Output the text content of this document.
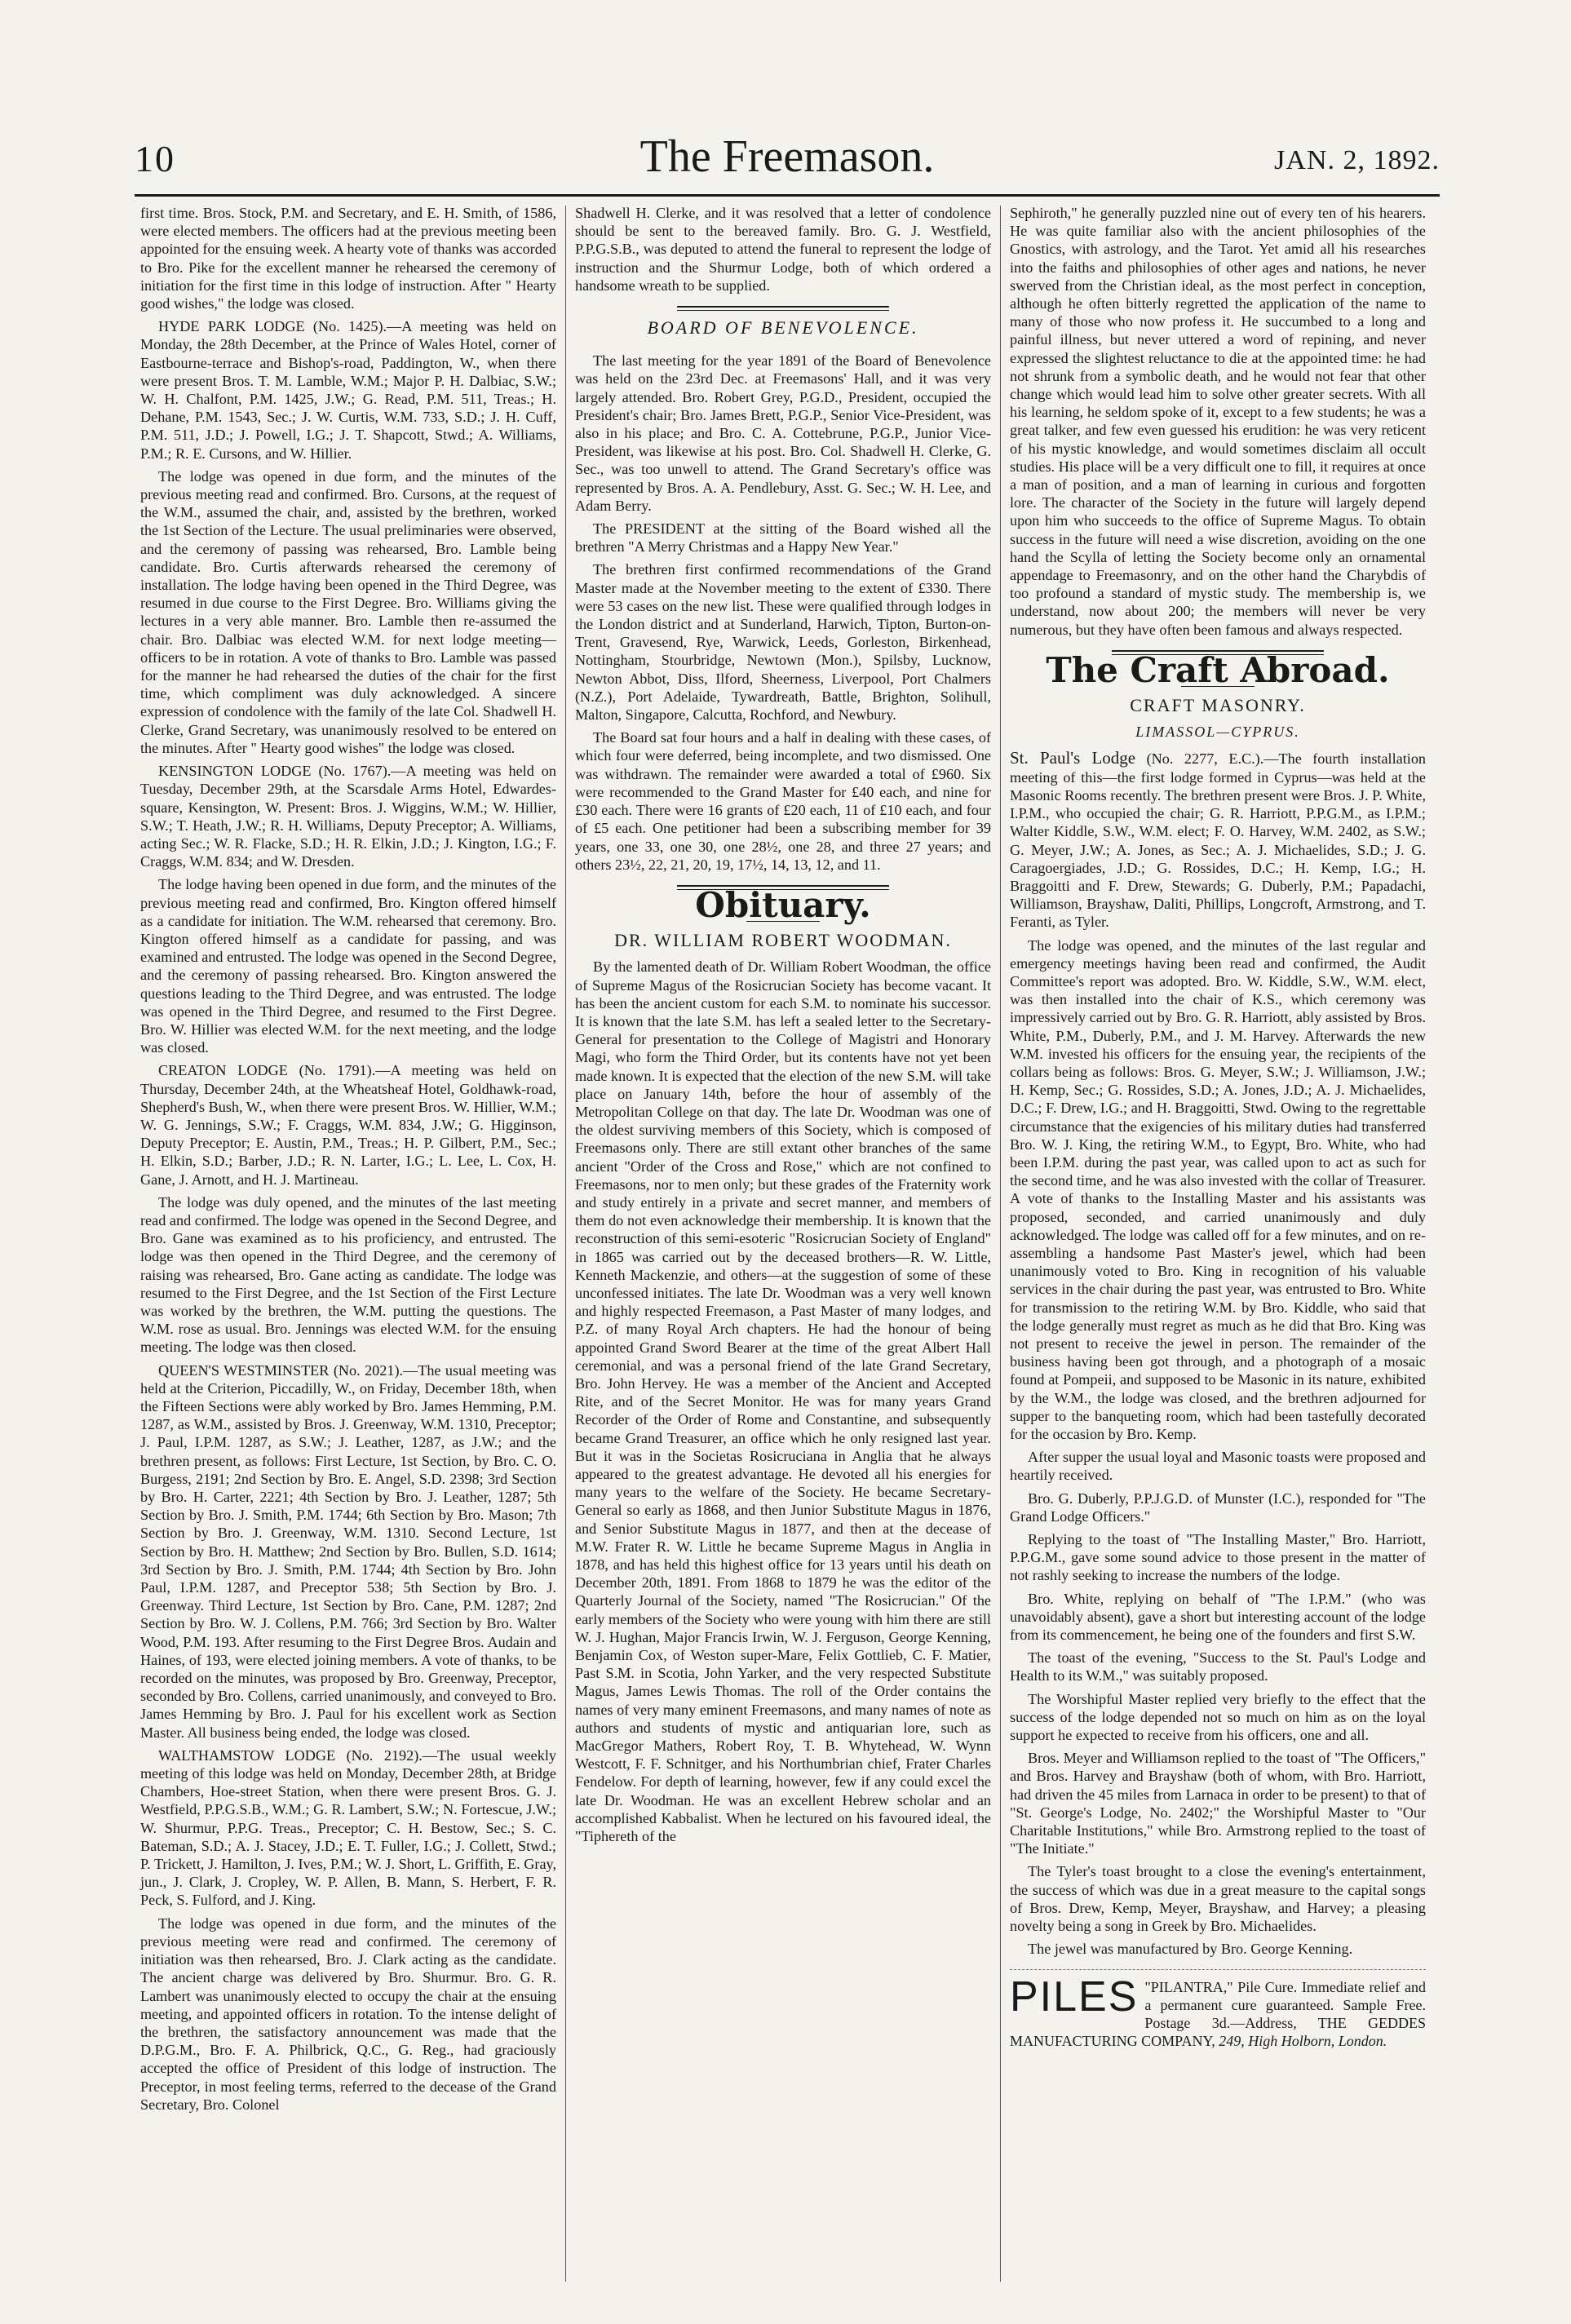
10	The Freemason.	JAN. 2, 1892.

first time. Bros. Stock, P.M. and Secretary, and E. H. Smith, of 1586, were elected members. The officers had at the previous meeting been appointed for the ensuing week. A hearty vote of thanks was accorded to Bro. Pike for the excellent manner he rehearsed the ceremony of initiation for the first time in this lodge of instruction. After " Hearty good wishes," the lodge was closed.

HYDE PARK LODGE (No. 1425).—A meeting was held on Monday, the 28th December, at the Prince of Wales Hotel, corner of Eastbourne-terrace and Bishop's-road, Paddington, W., when there were present Bros. T. M. Lamble, W.M.; Major P. H. Dalbiac, S.W.; W. H. Chalfont, P.M. 1425, J.W.; G. Read, P.M. 511, Treas.; H. Dehane, P.M. 1543, Sec.; J. W. Curtis, W.M. 733, S.D.; J. H. Cuff, P.M. 511, J.D.; J. Powell, I.G.; J. T. Shapcott, Stwd.; A. Williams, P.M.; R. E. Cursons, and W. Hillier.

The lodge was opened in due form, and the minutes of the previous meeting read and confirmed. Bro. Cursons, at the request of the W.M., assumed the chair, and, assisted by the brethren, worked the 1st Section of the Lecture. The usual preliminaries were observed, and the ceremony of passing was rehearsed, Bro. Lamble being candidate. Bro. Curtis afterwards rehearsed the ceremony of installation. The lodge having been opened in the Third Degree, was resumed in due course to the First Degree. Bro. Williams giving the lectures in a very able manner. Bro. Lamble then re-assumed the chair. Bro. Dalbiac was elected W.M. for next lodge meeting—officers to be in rotation. A vote of thanks to Bro. Lamble was passed for the manner he had rehearsed the duties of the chair for the first time, which compliment was duly acknowledged. A sincere expression of condolence with the family of the late Col. Shadwell H. Clerke, Grand Secretary, was unanimously resolved to be entered on the minutes. After " Hearty good wishes" the lodge was closed.

KENSINGTON LODGE (No. 1767).—A meeting was held on Tuesday, December 29th, at the Scarsdale Arms Hotel, Edwardes-square, Kensington, W. Present: Bros. J. Wiggins, W.M.; W. Hillier, S.W.; T. Heath, J.W.; R. H. Williams, Deputy Preceptor; A. Williams, acting Sec.; W. R. Flacke, S.D.; H. R. Elkin, J.D.; J. Kington, I.G.; F. Craggs, W.M. 834; and W. Dresden.

The lodge having been opened in due form, and the minutes of the previous meeting read and confirmed, Bro. Kington offered himself as a candidate for initiation. The W.M. rehearsed that ceremony. Bro. Kington offered himself as a candidate for passing, and was examined and entrusted. The lodge was opened in the Second Degree, and the ceremony of passing rehearsed. Bro. Kington answered the questions leading to the Third Degree, and was entrusted. The lodge was opened in the Third Degree, and resumed to the First Degree. Bro. W. Hillier was elected W.M. for the next meeting, and the lodge was closed.

CREATON LODGE (No. 1791).—A meeting was held on Thursday, December 24th, at the Wheatsheaf Hotel, Goldhawk-road, Shepherd's Bush, W., when there were present Bros. W. Hillier, W.M.; W. G. Jennings, S.W.; F. Craggs, W.M. 834, J.W.; G. Higginson, Deputy Preceptor; E. Austin, P.M., Treas.; H. P. Gilbert, P.M., Sec.; H. Elkin, S.D.; Barber, J.D.; R. N. Larter, I.G.; L. Lee, L. Cox, H. Gane, J. Arnott, and H. J. Martineau.

The lodge was duly opened, and the minutes of the last meeting read and confirmed. The lodge was opened in the Second Degree, and Bro. Gane was examined as to his proficiency, and entrusted. The lodge was then opened in the Third Degree, and the ceremony of raising was rehearsed, Bro. Gane acting as candidate. The lodge was resumed to the First Degree, and the 1st Section of the First Lecture was worked by the brethren, the W.M. putting the questions. The W.M. rose as usual. Bro. Jennings was elected W.M. for the ensuing meeting. The lodge was then closed.

QUEEN'S WESTMINSTER (No. 2021).—The usual meeting was held at the Criterion, Piccadilly, W., on Friday, December 18th, when the Fifteen Sections were ably worked by Bro. James Hemming, P.M. 1287, as W.M., assisted by Bros. J. Greenway, W.M. 1310, Preceptor; J. Paul, I.P.M. 1287, as S.W.; J. Leather, 1287, as J.W.; and the brethren present, as follows: First Lecture, 1st Section, by Bro. C. O. Burgess, 2191; 2nd Section by Bro. E. Angel, S.D. 2398; 3rd Section by Bro. H. Carter, 2221; 4th Section by Bro. J. Leather, 1287; 5th Section by Bro. J. Smith, P.M. 1744; 6th Section by Bro. Mason; 7th Section by Bro. J. Greenway, W.M. 1310. Second Lecture, 1st Section by Bro. H. Matthew; 2nd Section by Bro. Bullen, S.D. 1614; 3rd Section by Bro. J. Smith, P.M. 1744; 4th Section by Bro. John Paul, I.P.M. 1287, and Preceptor 538; 5th Section by Bro. J. Greenway. Third Lecture, 1st Section by Bro. Cane, P.M. 1287; 2nd Section by Bro. W. J. Collens, P.M. 766; 3rd Section by Bro. Walter Wood, P.M. 193. After resuming to the First Degree Bros. Audain and Haines, of 193, were elected joining members. A vote of thanks, to be recorded on the minutes, was proposed by Bro. Greenway, Preceptor, seconded by Bro. Collens, carried unanimously, and conveyed to Bro. James Hemming by Bro. J. Paul for his excellent work as Section Master. All business being ended, the lodge was closed.

WALTHAMSTOW LODGE (No. 2192).—The usual weekly meeting of this lodge was held on Monday, December 28th, at Bridge Chambers, Hoe-street Station, when there were present Bros. G. J. Westfield, P.P.G.S.B., W.M.; G. R. Lambert, S.W.; N. Fortescue, J.W.; W. Shurmur, P.P.G. Treas., Preceptor; C. H. Bestow, Sec.; S. C. Bateman, S.D.; A. J. Stacey, J.D.; E. T. Fuller, I.G.; J. Collett, Stwd.; P. Trickett, J. Hamilton, J. Ives, P.M.; W. J. Short, L. Griffith, E. Gray, jun., J. Clark, J. Cropley, W. P. Allen, B. Mann, S. Herbert, F. R. Peck, S. Fulford, and J. King.

The lodge was opened in due form, and the minutes of the previous meeting were read and confirmed. The ceremony of initiation was then rehearsed, Bro. J. Clark acting as the candidate. The ancient charge was delivered by Bro. Shurmur. Bro. G. R. Lambert was unanimously elected to occupy the chair at the ensuing meeting, and appointed officers in rotation. To the intense delight of the brethren, the satisfactory announcement was made that the D.P.G.M., Bro. F. A. Philbrick, Q.C., G. Reg., had graciously accepted the office of President of this lodge of instruction. The Preceptor, in most feeling terms, referred to the decease of the Grand Secretary, Bro. Colonel

Shadwell H. Clerke, and it was resolved that a letter of condolence should be sent to the bereaved family. Bro. G. J. Westfield, P.P.G.S.B., was deputed to attend the funeral to represent the lodge of instruction and the Shurmur Lodge, both of which ordered a handsome wreath to be supplied.

BOARD OF BENEVOLENCE.

The last meeting for the year 1891 of the Board of Benevolence was held on the 23rd Dec. at Freemasons' Hall, and it was very largely attended. Bro. Robert Grey, P.G.D., President, occupied the President's chair; Bro. James Brett, P.G.P., Senior Vice-President, was also in his place; and Bro. C. A. Cottebrune, P.G.P., Junior Vice-President, was likewise at his post. Bro. Col. Shadwell H. Clerke, G. Sec., was too unwell to attend. The Grand Secretary's office was represented by Bros. A. A. Pendlebury, Asst. G. Sec.; W. H. Lee, and Adam Berry.

The PRESIDENT at the sitting of the Board wished all the brethren "A Merry Christmas and a Happy New Year."

The brethren first confirmed recommendations of the Grand Master made at the November meeting to the extent of £330. There were 53 cases on the new list. These were qualified through lodges in the London district and at Sunderland, Harwich, Tipton, Burton-on-Trent, Gravesend, Rye, Warwick, Leeds, Gorleston, Birkenhead, Nottingham, Stourbridge, Newtown (Mon.), Spilsby, Lucknow, Newton Abbot, Diss, Ilford, Sheerness, Liverpool, Port Chalmers (N.Z.), Port Adelaide, Tywardreath, Battle, Brighton, Solihull, Malton, Singapore, Calcutta, Rochford, and Newbury.

The Board sat four hours and a half in dealing with these cases, of which four were deferred, being incomplete, and two dismissed. One was withdrawn. The remainder were awarded a total of £960. Six were recommended to the Grand Master for £40 each, and nine for £30 each. There were 16 grants of £20 each, 11 of £10 each, and four of £5 each. One petitioner had been a subscribing member for 39 years, one 33, one 30, one 28½, one 28, and three 27 years; and others 23½, 22, 21, 20, 19, 17½, 14, 13, 12, and 11.

Obituary.
DR. WILLIAM ROBERT WOODMAN.

By the lamented death of Dr. William Robert Woodman, the office of Supreme Magus of the Rosicrucian Society has become vacant. It has been the ancient custom for each S.M. to nominate his successor. It is known that the late S.M. has left a sealed letter to the Secretary-General for presentation to the College of Magistri and Honorary Magi, who form the Third Order, but its contents have not yet been made known. It is expected that the election of the new S.M. will take place on January 14th, before the hour of assembly of the Metropolitan College on that day. The late Dr. Woodman was one of the oldest surviving members of this Society, which is composed of Freemasons only. There are still extant other branches of the same ancient "Order of the Cross and Rose," which are not confined to Freemasons, nor to men only; but these grades of the Fraternity work and study entirely in a private and secret manner, and members of them do not even acknowledge their membership. It is known that the reconstruction of this semi-esoteric "Rosicrucian Society of England" in 1865 was carried out by the deceased brothers—R. W. Little, Kenneth Mackenzie, and others—at the suggestion of some of these unconfessed initiates. The late Dr. Woodman was a very well known and highly respected Freemason, a Past Master of many lodges, and P.Z. of many Royal Arch chapters. He had the honour of being appointed Grand Sword Bearer at the time of the great Albert Hall ceremonial, and was a personal friend of the late Grand Secretary, Bro. John Hervey. He was a member of the Ancient and Accepted Rite, and of the Secret Monitor. He was for many years Grand Recorder of the Order of Rome and Constantine, and subsequently became Grand Treasurer, an office which he only resigned last year. But it was in the Societas Rosicruciana in Anglia that he always appeared to the greatest advantage. He devoted all his energies for many years to the welfare of the Society. He became Secretary-General so early as 1868, and then Junior Substitute Magus in 1876, and Senior Substitute Magus in 1877, and then at the decease of M.W. Frater R. W. Little he became Supreme Magus in Anglia in 1878, and has held this highest office for 13 years until his death on December 20th, 1891. From 1868 to 1879 he was the editor of the Quarterly Journal of the Society, named "The Rosicrucian." Of the early members of the Society who were young with him there are still W. J. Hughan, Major Francis Irwin, W. J. Ferguson, George Kenning, Benjamin Cox, of Weston super-Mare, Felix Gottlieb, C. F. Matier, Past S.M. in Scotia, John Yarker, and the very respected Substitute Magus, James Lewis Thomas. The roll of the Order contains the names of very many eminent Freemasons, and many names of note as authors and students of mystic and antiquarian lore, such as MacGregor Mathers, Robert Roy, T. B. Whytehead, W. Wynn Westcott, F. F. Schnitger, and his Northumbrian chief, Frater Charles Fendelow. For depth of learning, however, few if any could excel the late Dr. Woodman. He was an excellent Hebrew scholar and an accomplished Kabbalist. When he lectured on his favoured ideal, the "Tiphereth of the

Sephiroth," he generally puzzled nine out of every ten of his hearers. He was quite familiar also with the ancient philosophies of the Gnostics, with astrology, and the Tarot. Yet amid all his researches into the faiths and philosophies of other ages and nations, he never swerved from the Christian ideal, as the most perfect in conception, although he often bitterly regretted the application of the name to many of those who now profess it. He succumbed to a long and painful illness, but never uttered a word of repining, and never expressed the slightest reluctance to die at the appointed time: he had not shrunk from a symbolic death, and he would not fear that other change which would lead him to solve other greater secrets. With all his learning, he seldom spoke of it, except to a few students; he was a great talker, and few even guessed his erudition: he was very reticent of his mystic knowledge, and would sometimes disclaim all occult studies. His place will be a very difficult one to fill, it requires at once a man of position, and a man of learning in curious and forgotten lore. The character of the Society in the future will largely depend upon him who succeeds to the office of Supreme Magus. To obtain success in the future will need a wise discretion, avoiding on the one hand the Scylla of letting the Society become only an ornamental appendage to Freemasonry, and on the other hand the Charybdis of too profound a standard of mystic study. The membership is, we understand, now about 200; the members will never be very numerous, but they have often been famous and always respected.

The Craft Abroad.
CRAFT MASONRY.
LIMASSOL—CYPRUS.

St. Paul's Lodge (No. 2277, E.C.).—The fourth installation meeting of this—the first lodge formed in Cyprus—was held at the Masonic Rooms recently. The brethren present were Bros. J. P. White, I.P.M., who occupied the chair; G. R. Harriott, P.P.G.M., as I.P.M.; Walter Kiddle, S.W., W.M. elect; F. O. Harvey, W.M. 2402, as S.W.; G. Meyer, J.W.; A. Jones, as Sec.; A. J. Michaelides, S.D.; J. G. Caragoergiades, J.D.; G. Rossides, D.C.; H. Kemp, I.G.; H. Braggoitti and F. Drew, Stewards; G. Duberly, P.M.; Papadachi, Williamson, Brayshaw, Daliti, Phillips, Longcroft, Armstrong, and T. Feranti, as Tyler.

The lodge was opened, and the minutes of the last regular and emergency meetings having been read and confirmed, the Audit Committee's report was adopted. Bro. W. Kiddle, S.W., W.M. elect, was then installed into the chair of K.S., which ceremony was impressively carried out by Bro. G. R. Harriott, ably assisted by Bros. White, P.M., Duberly, P.M., and J. M. Harvey. Afterwards the new W.M. invested his officers for the ensuing year, the recipients of the collars being as follows: Bros. G. Meyer, S.W.; J. Williamson, J.W.; H. Kemp, Sec.; G. Rossides, S.D.; A. Jones, J.D.; A. J. Michaelides, D.C.; F. Drew, I.G.; and H. Braggoitti, Stwd. Owing to the regrettable circumstance that the exigencies of his military duties had transferred Bro. W. J. King, the retiring W.M., to Egypt, Bro. White, who had been I.P.M. during the past year, was called upon to act as such for the second time, and he was also invested with the collar of Treasurer. A vote of thanks to the Installing Master and his assistants was proposed, seconded, and carried unanimously and duly acknowledged. The lodge was called off for a few minutes, and on re-assembling a handsome Past Master's jewel, which had been unanimously voted to Bro. King in recognition of his valuable services in the chair during the past year, was entrusted to Bro. White for transmission to the retiring W.M. by Bro. Kiddle, who said that the lodge generally must regret as much as he did that Bro. King was not present to receive the jewel in person. The remainder of the business having been got through, and a photograph of a mosaic found at Pompeii, and supposed to be Masonic in its nature, exhibited by the W.M., the lodge was closed, and the brethren adjourned for supper to the banqueting room, which had been tastefully decorated for the occasion by Bro. Kemp.

After supper the usual loyal and Masonic toasts were proposed and heartily received.

Bro. G. Duberly, P.P.J.G.D. of Munster (I.C.), responded for "The Grand Lodge Officers."

Replying to the toast of "The Installing Master," Bro. Harriott, P.P.G.M., gave some sound advice to those present in the matter of not rashly seeking to increase the numbers of the lodge.

Bro. White, replying on behalf of "The I.P.M." (who was unavoidably absent), gave a short but interesting account of the lodge from its commencement, he being one of the founders and first S.W.

The toast of the evening, "Success to the St. Paul's Lodge and Health to its W.M.," was suitably proposed.

The Worshipful Master replied very briefly to the effect that the success of the lodge depended not so much on him as on the loyal support he expected to receive from his officers, one and all.

Bros. Meyer and Williamson replied to the toast of "The Officers," and Bros. Harvey and Brayshaw (both of whom, with Bro. Harriott, had driven the 45 miles from Larnaca in order to be present) to that of "St. George's Lodge, No. 2402;" the Worshipful Master to "Our Charitable Institutions," while Bro. Armstrong replied to the toast of "The Initiate."

The Tyler's toast brought to a close the evening's entertainment, the success of which was due in a great measure to the capital songs of Bros. Drew, Kemp, Meyer, Brayshaw, and Harvey; a pleasing novelty being a song in Greek by Bro. Michaelides.

The jewel was manufactured by Bro. George Kenning.

PILES "PILANTRA," Pile Cure. Immediate relief and a permanent cure guaranteed. Sample Free. Postage 3d.—Address, THE GEDDES MANUFACTURING COMPANY, 249, High Holborn, London.
